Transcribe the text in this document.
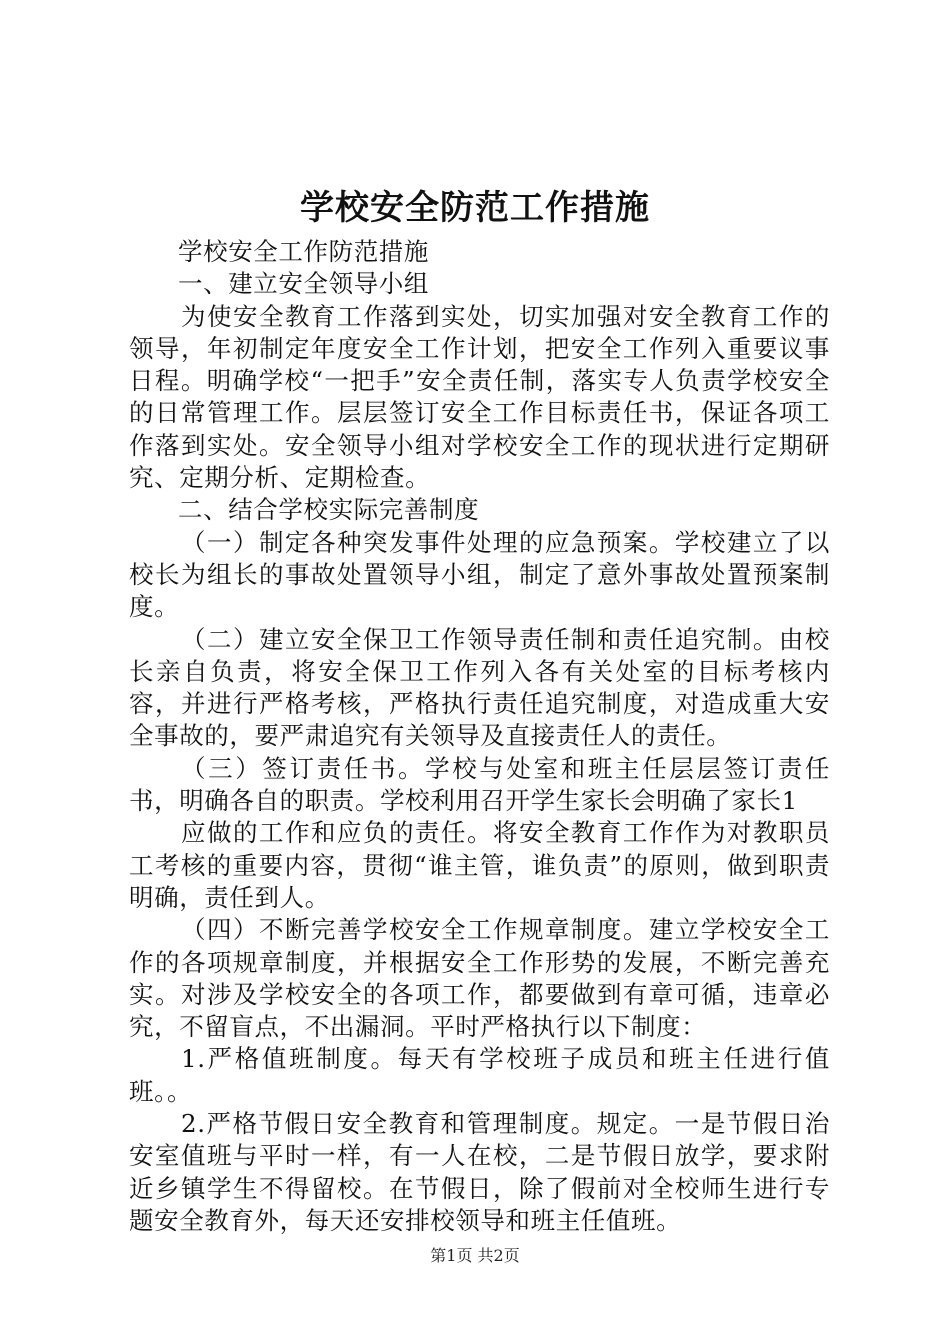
学校安全防范工作措施

学校安全工作防范措施

一、建立安全领导小组

为使安全教育工作落到实处，切实加强对安全教育工作的领导，年初制定年度安全工作计划，把安全工作列入重要议事日程。明确学校“一把手”安全责任制，落实专人负责学校安全的日常管理工作。层层签订安全工作目标责任书，保证各项工作落到实处。安全领导小组对学校安全工作的现状进行定期研究、定期分析、定期检查。

二、结合学校实际完善制度

（一）制定各种突发事件处理的应急预案。学校建立了以校长为组长的事故处置领导小组，制定了意外事故处置预案制度。

（二）建立安全保卫工作领导责任制和责任追究制。由校长亲自负责，将安全保卫工作列入各有关处室的目标考核内容，并进行严格考核，严格执行责任追究制度，对造成重大安全事故的，要严肃追究有关领导及直接责任人的责任。

（三）签订责任书。学校与处室和班主任层层签订责任书，明确各自的职责。学校利用召开学生家长会明确了家长1

应做的工作和应负的责任。将安全教育工作作为对教职员工考核的重要内容，贯彻“谁主管，谁负责”的原则，做到职责明确，责任到人。

（四）不断完善学校安全工作规章制度。建立学校安全工作的各项规章制度，并根据安全工作形势的发展，不断完善充实。对涉及学校安全的各项工作，都要做到有章可循，违章必究，不留盲点，不出漏洞。平时严格执行以下制度：

1.严格值班制度。每天有学校班子成员和班主任进行值班。。

2.严格节假日安全教育和管理制度。规定。一是节假日治安室值班与平时一样，有一人在校，二是节假日放学，要求附近乡镇学生不得留校。在节假日，除了假前对全校师生进行专题安全教育外，每天还安排校领导和班主任值班。

第1页 共2页
